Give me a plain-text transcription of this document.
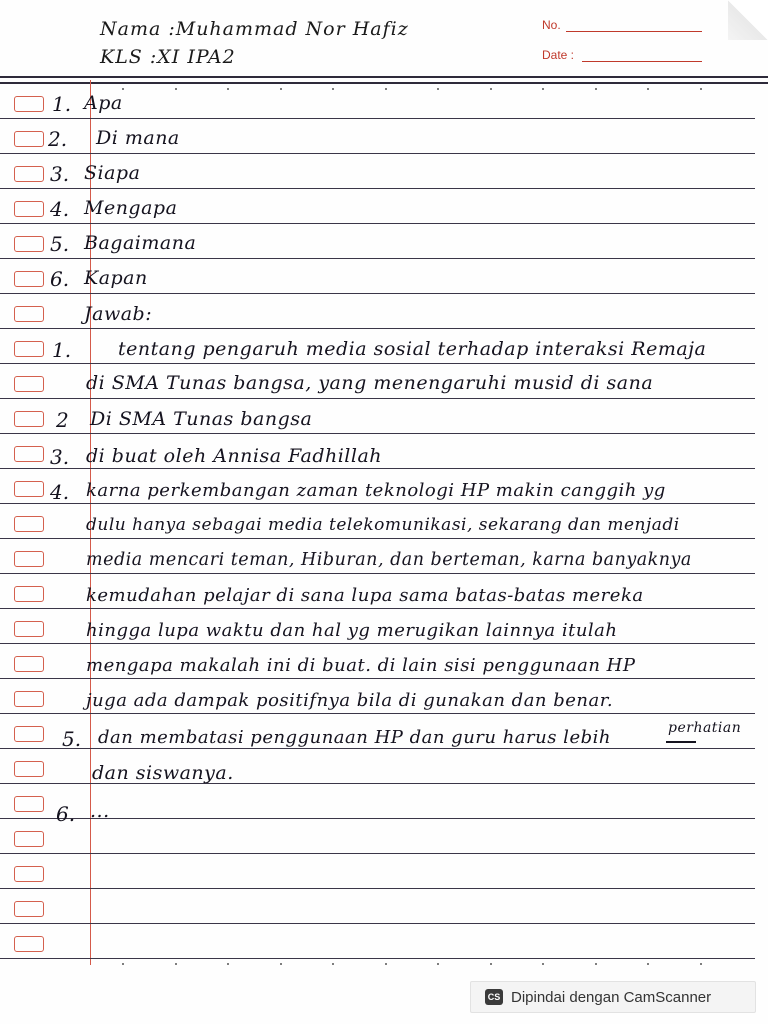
Nama :Muhammad Nor Hafiz
KLS :XI IPA2
No.
Date :
1. Apa
2. Di mana
3. Siapa
4. Mengapa
5. Bagaimana
6. Kapan
Jawab:
1. tentang pengaruh media sosial terhadap interaksi Remaja
di SMA Tunas bangsa, yang menengaruhi musid di sana
2 Di SMA Tunas bangsa
3. di buat oleh Annisa Fadhillah
4. karna perkembangan zaman teknologi HP makin canggih yg
dulu hanya sebagai media telekomunikasi, sekarang dan menjadi
media mencari teman, Hiburan, dan berteman, karna banyaknya
kemudahan pelajar di sana lupa sama batas-batas mereka
hingga lupa waktu dan hal yg merugikan lainnya itulah
mengapa makalah ini di buat. di lain sisi penggunaan HP
juga ada dampak positifnya bila di gunakan dan benar.
5. dan membatasi penggunaan HP dan guru harus lebih	perhatian
dan siswanya.
6. ...
CS Dipindai dengan CamScanner
